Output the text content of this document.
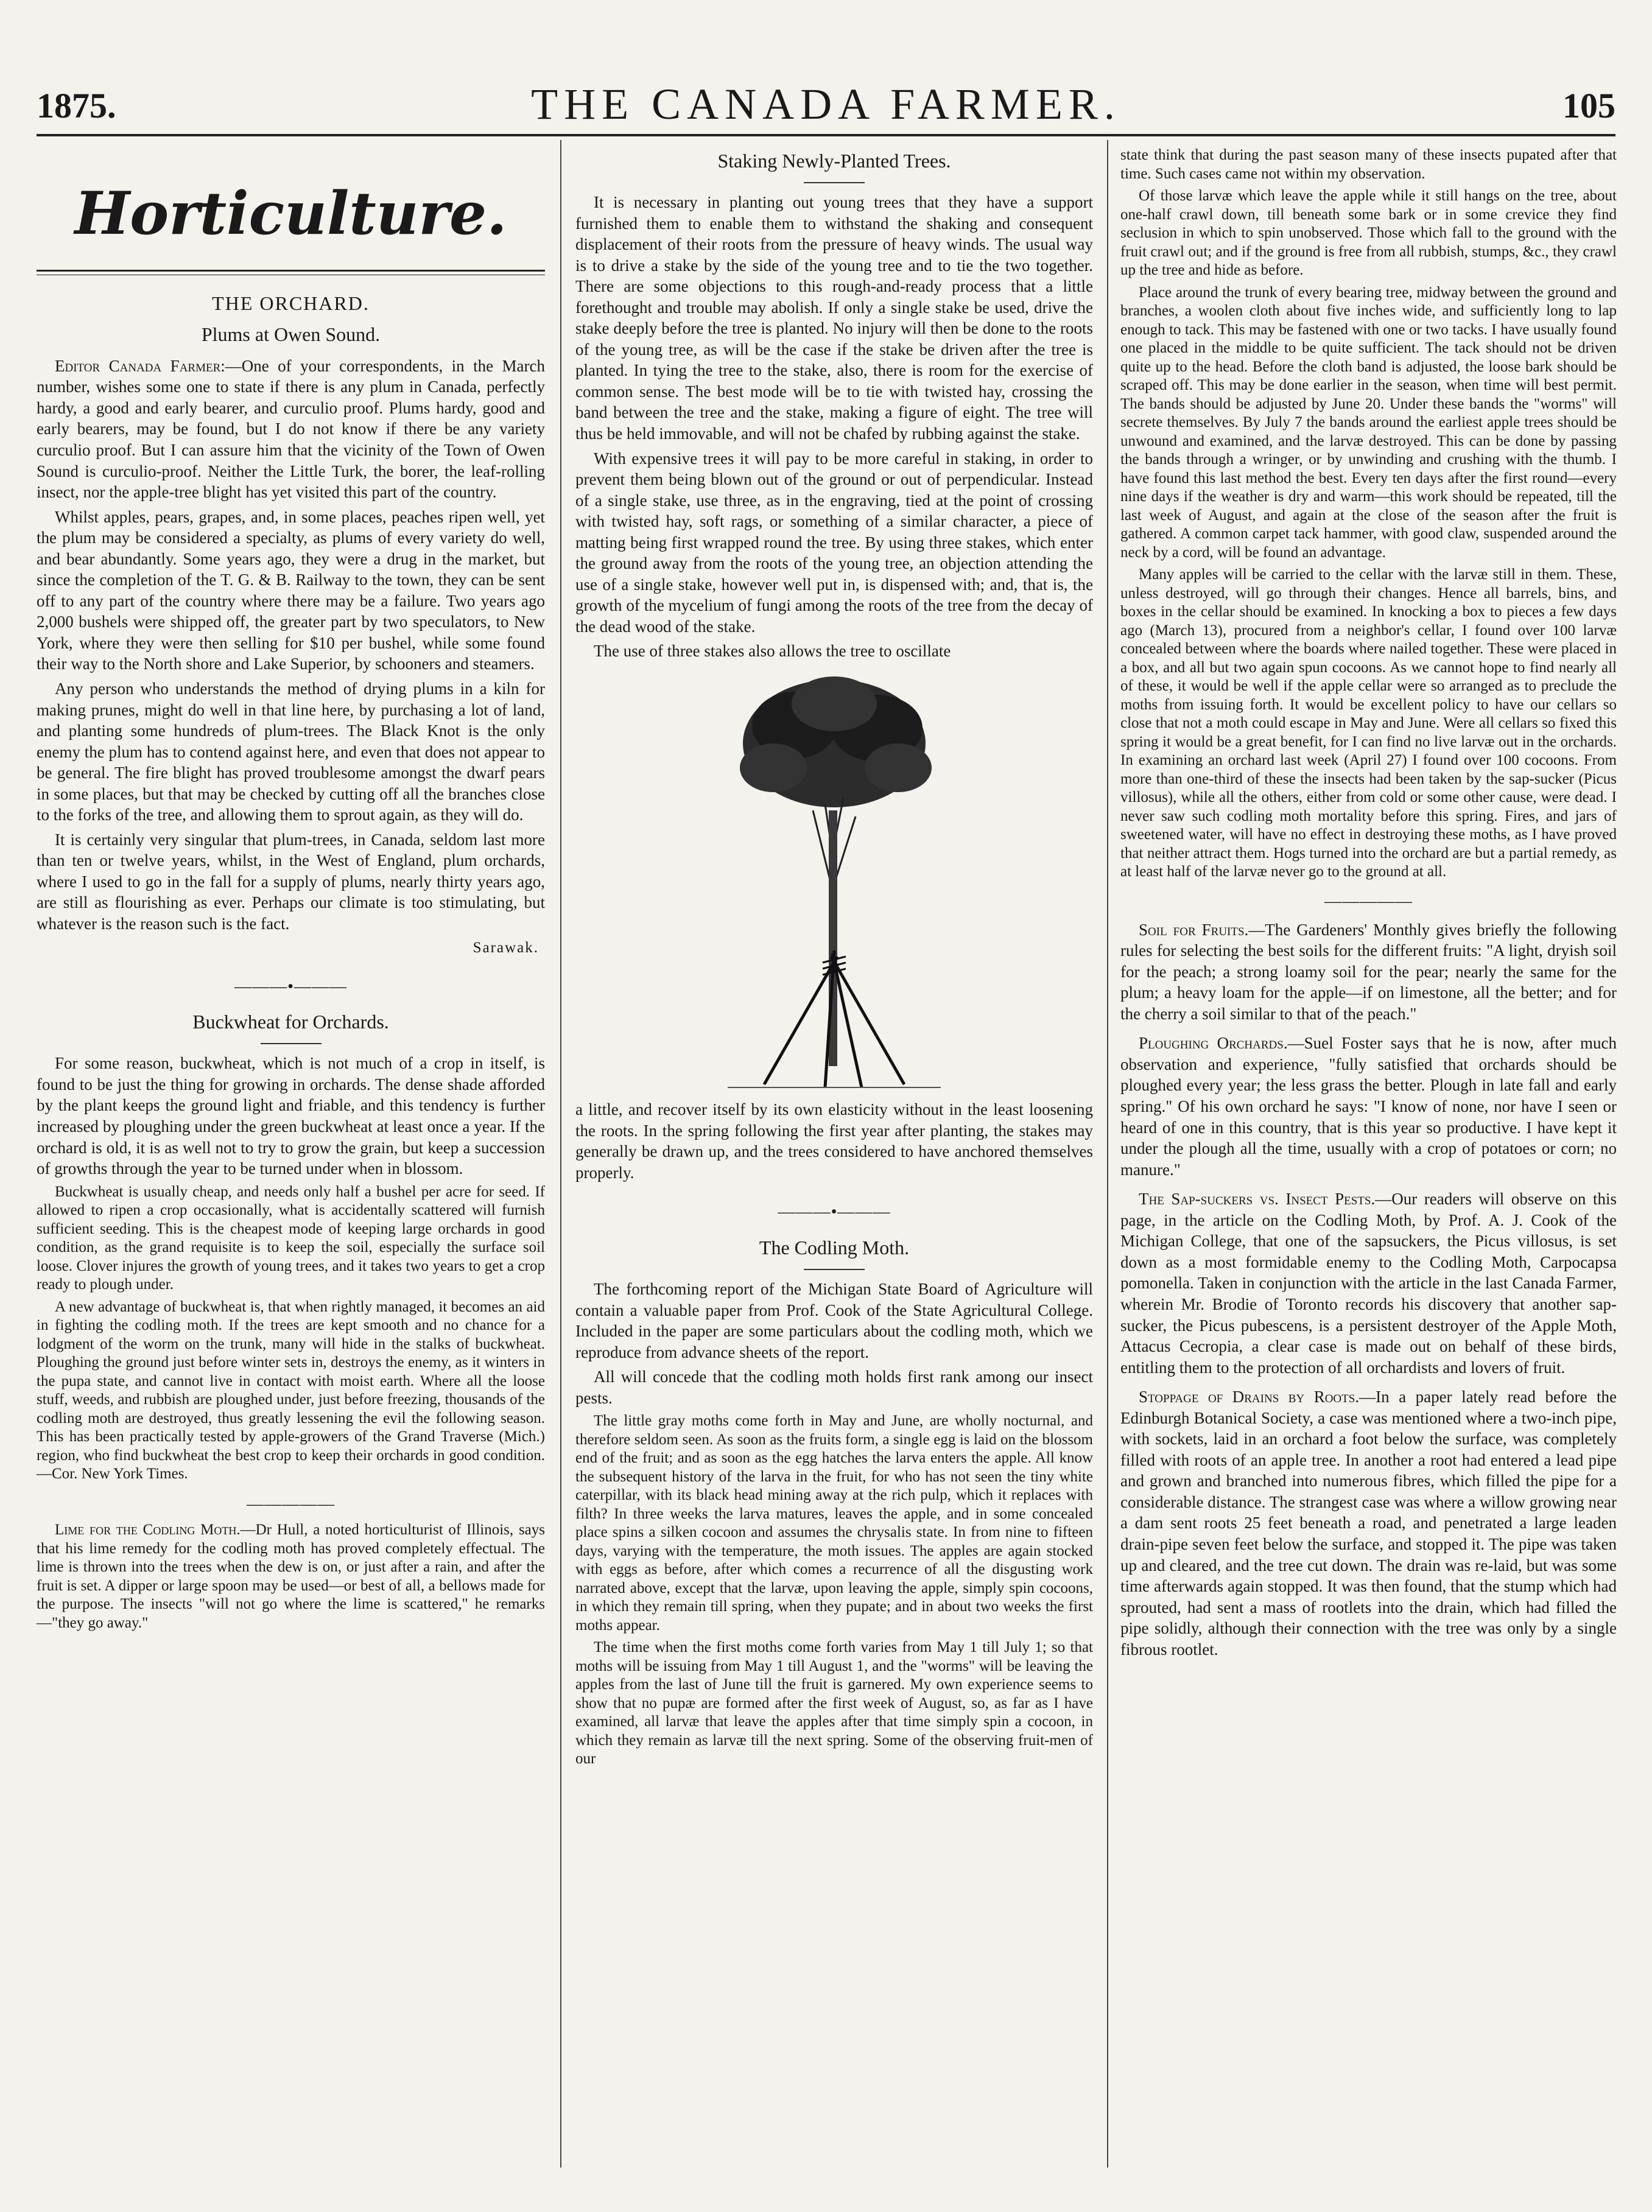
1875.	THE CANADA FARMER.	105
Horticulture.
THE ORCHARD.
Plums at Owen Sound.

Editor Canada Farmer:—One of your correspondents, in the March number, wishes some one to state if there is any plum in Canada, perfectly hardy, a good and early bearer, and curculio proof. Plums hardy, good and early bearers, may be found, but I do not know if there be any variety curculio proof. But I can assure him that the vicinity of the Town of Owen Sound is curculio-proof. Neither the Little Turk, the borer, the leaf-rolling insect, nor the apple-tree blight has yet visited this part of the country.

Whilst apples, pears, grapes, and, in some places, peaches ripen well, yet the plum may be considered a specialty, as plums of every variety do well, and bear abundantly. Some years ago, they were a drug in the market, but since the completion of the T. G. & B. Railway to the town, they can be sent off to any part of the country where there may be a failure. Two years ago 2,000 bushels were shipped off, the greater part by two speculators, to New York, where they were then selling for $10 per bushel, while some found their way to the North shore and Lake Superior, by schooners and steamers.

Any person who understands the method of drying plums in a kiln for making prunes, might do well in that line here, by purchasing a lot of land, and planting some hundreds of plum-trees. The Black Knot is the only enemy the plum has to contend against here, and even that does not appear to be general. The fire blight has proved troublesome amongst the dwarf pears in some places, but that may be checked by cutting off all the branches close to the forks of the tree, and allowing them to sprout again, as they will do.

It is certainly very singular that plum-trees, in Canada, seldom last more than ten or twelve years, whilst, in the West of England, plum orchards, where I used to go in the fall for a supply of plums, nearly thirty years ago, are still as flourishing as ever. Perhaps our climate is too stimulating, but whatever is the reason such is the fact.

Sarawak.
———•———
Buckwheat for Orchards.

For some reason, buckwheat, which is not much of a crop in itself, is found to be just the thing for growing in orchards. The dense shade afforded by the plant keeps the ground light and friable, and this tendency is further increased by ploughing under the green buckwheat at least once a year. If the orchard is old, it is as well not to try to grow the grain, but keep a succession of growths through the year to be turned under when in blossom.

Buckwheat is usually cheap, and needs only half a bushel per acre for seed. If allowed to ripen a crop occasionally, what is accidentally scattered will furnish sufficient seeding. This is the cheapest mode of keeping large orchards in good condition, as the grand requisite is to keep the soil, especially the surface soil loose. Clover injures the growth of young trees, and it takes two years to get a crop ready to plough under.

A new advantage of buckwheat is, that when rightly managed, it becomes an aid in fighting the codling moth. If the trees are kept smooth and no chance for a lodgment of the worm on the trunk, many will hide in the stalks of buckwheat. Ploughing the ground just before winter sets in, destroys the enemy, as it winters in the pupa state, and cannot live in contact with moist earth. Where all the loose stuff, weeds, and rubbish are ploughed under, just before freezing, thousands of the codling moth are destroyed, thus greatly lessening the evil the following season. This has been practically tested by apple-growers of the Grand Traverse (Mich.) region, who find buckwheat the best crop to keep their orchards in good condition.—Cor. New York Times.

—————

Lime for the Codling Moth.—Dr Hull, a noted horticulturist of Illinois, says that his lime remedy for the codling moth has proved completely effectual. The lime is thrown into the trees when the dew is on, or just after a rain, and after the fruit is set. A dipper or large spoon may be used—or best of all, a bellows made for the purpose. The insects "will not go where the lime is scattered," he remarks—"they go away."

Staking Newly-Planted Trees.

It is necessary in planting out young trees that they have a support furnished them to enable them to withstand the shaking and consequent displacement of their roots from the pressure of heavy winds. The usual way is to drive a stake by the side of the young tree and to tie the two together. There are some objections to this rough-and-ready process that a little forethought and trouble may abolish. If only a single stake be used, drive the stake deeply before the tree is planted. No injury will then be done to the roots of the young tree, as will be the case if the stake be driven after the tree is planted. In tying the tree to the stake, also, there is room for the exercise of common sense. The best mode will be to tie with twisted hay, crossing the band between the tree and the stake, making a figure of eight. The tree will thus be held immovable, and will not be chafed by rubbing against the stake.

With expensive trees it will pay to be more careful in staking, in order to prevent them being blown out of the ground or out of perpendicular. Instead of a single stake, use three, as in the engraving, tied at the point of crossing with twisted hay, soft rags, or something of a similar character, a piece of matting being first wrapped round the tree. By using three stakes, which enter the ground away from the roots of the young tree, an objection attending the use of a single stake, however well put in, is dispensed with; and, that is, the growth of the mycelium of fungi among the roots of the tree from the decay of the dead wood of the stake.

The use of three stakes also allows the tree to oscillate

a little, and recover itself by its own elasticity without in the least loosening the roots. In the spring following the first year after planting, the stakes may generally be drawn up, and the trees considered to have anchored themselves properly.

———•———
The Codling Moth.

The forthcoming report of the Michigan State Board of Agriculture will contain a valuable paper from Prof. Cook of the State Agricultural College. Included in the paper are some particulars about the codling moth, which we reproduce from advance sheets of the report.

All will concede that the codling moth holds first rank among our insect pests.

The little gray moths come forth in May and June, are wholly nocturnal, and therefore seldom seen. As soon as the fruits form, a single egg is laid on the blossom end of the fruit; and as soon as the egg hatches the larva enters the apple. All know the subsequent history of the larva in the fruit, for who has not seen the tiny white caterpillar, with its black head mining away at the rich pulp, which it replaces with filth? In three weeks the larva matures, leaves the apple, and in some concealed place spins a silken cocoon and assumes the chrysalis state. In from nine to fifteen days, varying with the temperature, the moth issues. The apples are again stocked with eggs as before, after which comes a recurrence of all the disgusting work narrated above, except that the larvæ, upon leaving the apple, simply spin cocoons, in which they remain till spring, when they pupate; and in about two weeks the first moths appear.

The time when the first moths come forth varies from May 1 till July 1; so that moths will be issuing from May 1 till August 1, and the "worms" will be leaving the apples from the last of June till the fruit is garnered. My own experience seems to show that no pupæ are formed after the first week of August, so, as far as I have examined, all larvæ that leave the apples after that time simply spin a cocoon, in which they remain as larvæ till the next spring. Some of the observing fruit-men of our

state think that during the past season many of these insects pupated after that time. Such cases came not within my observation.

Of those larvæ which leave the apple while it still hangs on the tree, about one-half crawl down, till beneath some bark or in some crevice they find seclusion in which to spin unobserved. Those which fall to the ground with the fruit crawl out; and if the ground is free from all rubbish, stumps, &c., they crawl up the tree and hide as before.

Place around the trunk of every bearing tree, midway between the ground and branches, a woolen cloth about five inches wide, and sufficiently long to lap enough to tack. This may be fastened with one or two tacks. I have usually found one placed in the middle to be quite sufficient. The tack should not be driven quite up to the head. Before the cloth band is adjusted, the loose bark should be scraped off. This may be done earlier in the season, when time will best permit. The bands should be adjusted by June 20. Under these bands the "worms" will secrete themselves. By July 7 the bands around the earliest apple trees should be unwound and examined, and the larvæ destroyed. This can be done by passing the bands through a wringer, or by unwinding and crushing with the thumb. I have found this last method the best. Every ten days after the first round—every nine days if the weather is dry and warm—this work should be repeated, till the last week of August, and again at the close of the season after the fruit is gathered. A common carpet tack hammer, with good claw, suspended around the neck by a cord, will be found an advantage.

Many apples will be carried to the cellar with the larvæ still in them. These, unless destroyed, will go through their changes. Hence all barrels, bins, and boxes in the cellar should be examined. In knocking a box to pieces a few days ago (March 13), procured from a neighbor's cellar, I found over 100 larvæ concealed between where the boards where nailed together. These were placed in a box, and all but two again spun cocoons. As we cannot hope to find nearly all of these, it would be well if the apple cellar were so arranged as to preclude the moths from issuing forth. It would be excellent policy to have our cellars so close that not a moth could escape in May and June. Were all cellars so fixed this spring it would be a great benefit, for I can find no live larvæ out in the orchards. In examining an orchard last week (April 27) I found over 100 cocoons. From more than one-third of these the insects had been taken by the sap-sucker (Picus villosus), while all the others, either from cold or some other cause, were dead. I never saw such codling moth mortality before this spring. Fires, and jars of sweetened water, will have no effect in destroying these moths, as I have proved that neither attract them. Hogs turned into the orchard are but a partial remedy, as at least half of the larvæ never go to the ground at all.

—————

Soil for Fruits.—The Gardeners' Monthly gives briefly the following rules for selecting the best soils for the different fruits: "A light, dryish soil for the peach; a strong loamy soil for the pear; nearly the same for the plum; a heavy loam for the apple—if on limestone, all the better; and for the cherry a soil similar to that of the peach."

Ploughing Orchards.—Suel Foster says that he is now, after much observation and experience, "fully satisfied that orchards should be ploughed every year; the less grass the better. Plough in late fall and early spring." Of his own orchard he says: "I know of none, nor have I seen or heard of one in this country, that is this year so productive. I have kept it under the plough all the time, usually with a crop of potatoes or corn; no manure."

The Sap-suckers vs. Insect Pests.—Our readers will observe on this page, in the article on the Codling Moth, by Prof. A. J. Cook of the Michigan College, that one of the sapsuckers, the Picus villosus, is set down as a most formidable enemy to the Codling Moth, Carpocapsa pomonella. Taken in conjunction with the article in the last Canada Farmer, wherein Mr. Brodie of Toronto records his discovery that another sap-sucker, the Picus pubescens, is a persistent destroyer of the Apple Moth, Attacus Cecropia, a clear case is made out on behalf of these birds, entitling them to the protection of all orchardists and lovers of fruit.

Stoppage of Drains by Roots.—In a paper lately read before the Edinburgh Botanical Society, a case was mentioned where a two-inch pipe, with sockets, laid in an orchard a foot below the surface, was completely filled with roots of an apple tree. In another a root had entered a lead pipe and grown and branched into numerous fibres, which filled the pipe for a considerable distance. The strangest case was where a willow growing near a dam sent roots 25 feet beneath a road, and penetrated a large leaden drain-pipe seven feet below the surface, and stopped it. The pipe was taken up and cleared, and the tree cut down. The drain was re-laid, but was some time afterwards again stopped. It was then found, that the stump which had sprouted, had sent a mass of rootlets into the drain, which had filled the pipe solidly, although their connection with the tree was only by a single fibrous rootlet.
